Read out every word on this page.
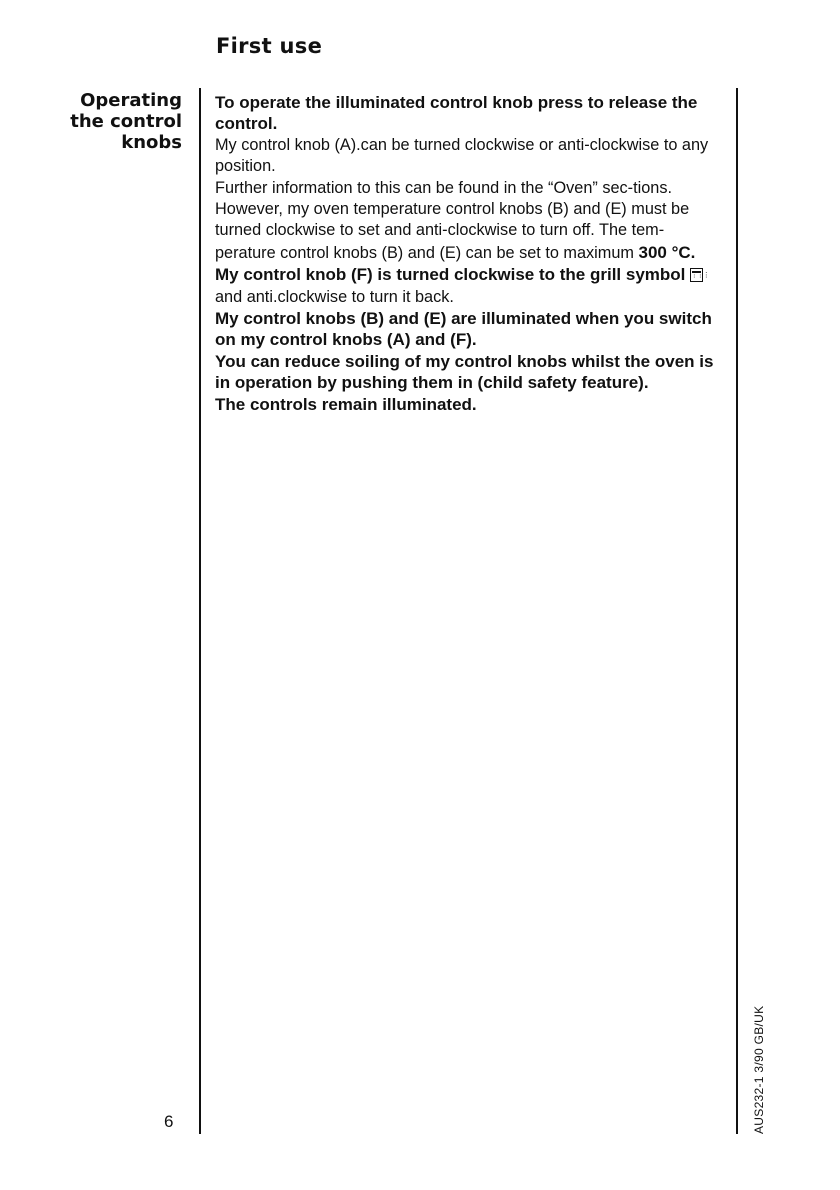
First use
Operating
the control
knobs

To operate the illuminated control knob press to release the control.

My control knob (A).can be turned clockwise or anti-clockwise to any position.

Further information to this can be found in the “Oven” sec-tions.

However, my oven temperature control knobs (B) and (E) must be turned clockwise to set and anti-clockwise to turn off. The tem-perature control knobs (B) and (E) can be set to maximum 300 °C.

My control knob (F) is turned clockwise to the grill symbol ⋮⋮⋮and anti.clockwise to turn it back.

My control knobs (B) and (E) are illuminated when you switch on my control knobs (A) and (F).

You can reduce soiling of my control knobs whilst the oven is in operation by pushing them in (child safety feature).

The controls remain illuminated.

6	AUS232-1 3/90 GB/UK
